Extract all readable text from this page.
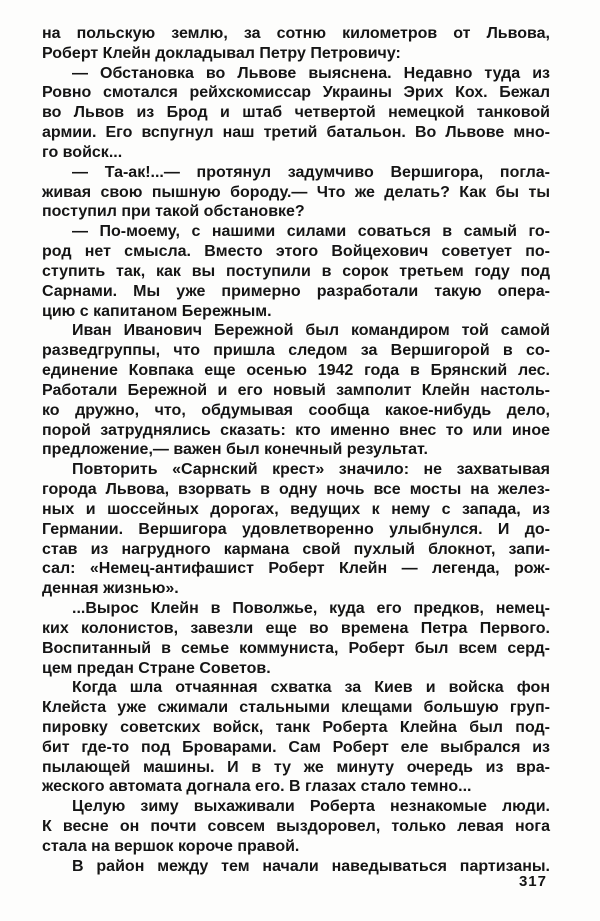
на польскую землю, за сотню километров от Львова,
Роберт Клейн докладывал Петру Петровичу:
— Обстановка во Львове выяснена. Недавно туда из
Ровно смотался рейхскомиссар Украины Эрих Кох. Бежал
во Львов из Брод и штаб четвертой немецкой танковой
армии. Его вспугнул наш третий батальон. Во Львове мно-
го войск...
— Та-ак!...— протянул задумчиво Вершигора, погла-
живая свою пышную бороду.— Что же делать? Как бы ты
поступил при такой обстановке?
— По-моему, с нашими силами соваться в самый го-
род нет смысла. Вместо этого Войцехович советует по-
ступить так, как вы поступили в сорок третьем году под
Сарнами. Мы уже примерно разработали такую опера-
цию с капитаном Бережным.
Иван Иванович Бережной был командиром той самой
разведгруппы, что пришла следом за Вершигорой в со-
единение Ковпака еще осенью 1942 года в Брянский лес.
Работали Бережной и его новый замполит Клейн настоль-
ко дружно, что, обдумывая сообща какое-нибудь дело,
порой затруднялись сказать: кто именно внес то или иное
предложение,— важен был конечный результат.
Повторить «Сарнский крест» значило: не захватывая
города Львова, взорвать в одну ночь все мосты на желез-
ных и шоссейных дорогах, ведущих к нему с запада, из
Германии. Вершигора удовлетворенно улыбнулся. И до-
став из нагрудного кармана свой пухлый блокнот, запи-
сал: «Немец-антифашист Роберт Клейн — легенда, рож-
денная жизнью».
...Вырос Клейн в Поволжье, куда его предков, немец-
ких колонистов, завезли еще во времена Петра Первого.
Воспитанный в семье коммуниста, Роберт был всем серд-
цем предан Стране Советов.
Когда шла отчаянная схватка за Киев и войска фон
Клейста уже сжимали стальными клещами большую груп-
пировку советских войск, танк Роберта Клейна был под-
бит где-то под Броварами. Сам Роберт еле выбрался из
пылающей машины. И в ту же минуту очередь из вра-
жеского автомата догнала его. В глазах стало темно...
Целую зиму выхаживали Роберта незнакомые люди.
К весне он почти совсем выздоровел, только левая нога
стала на вершок короче правой.
В район между тем начали наведываться партизаны.
317
